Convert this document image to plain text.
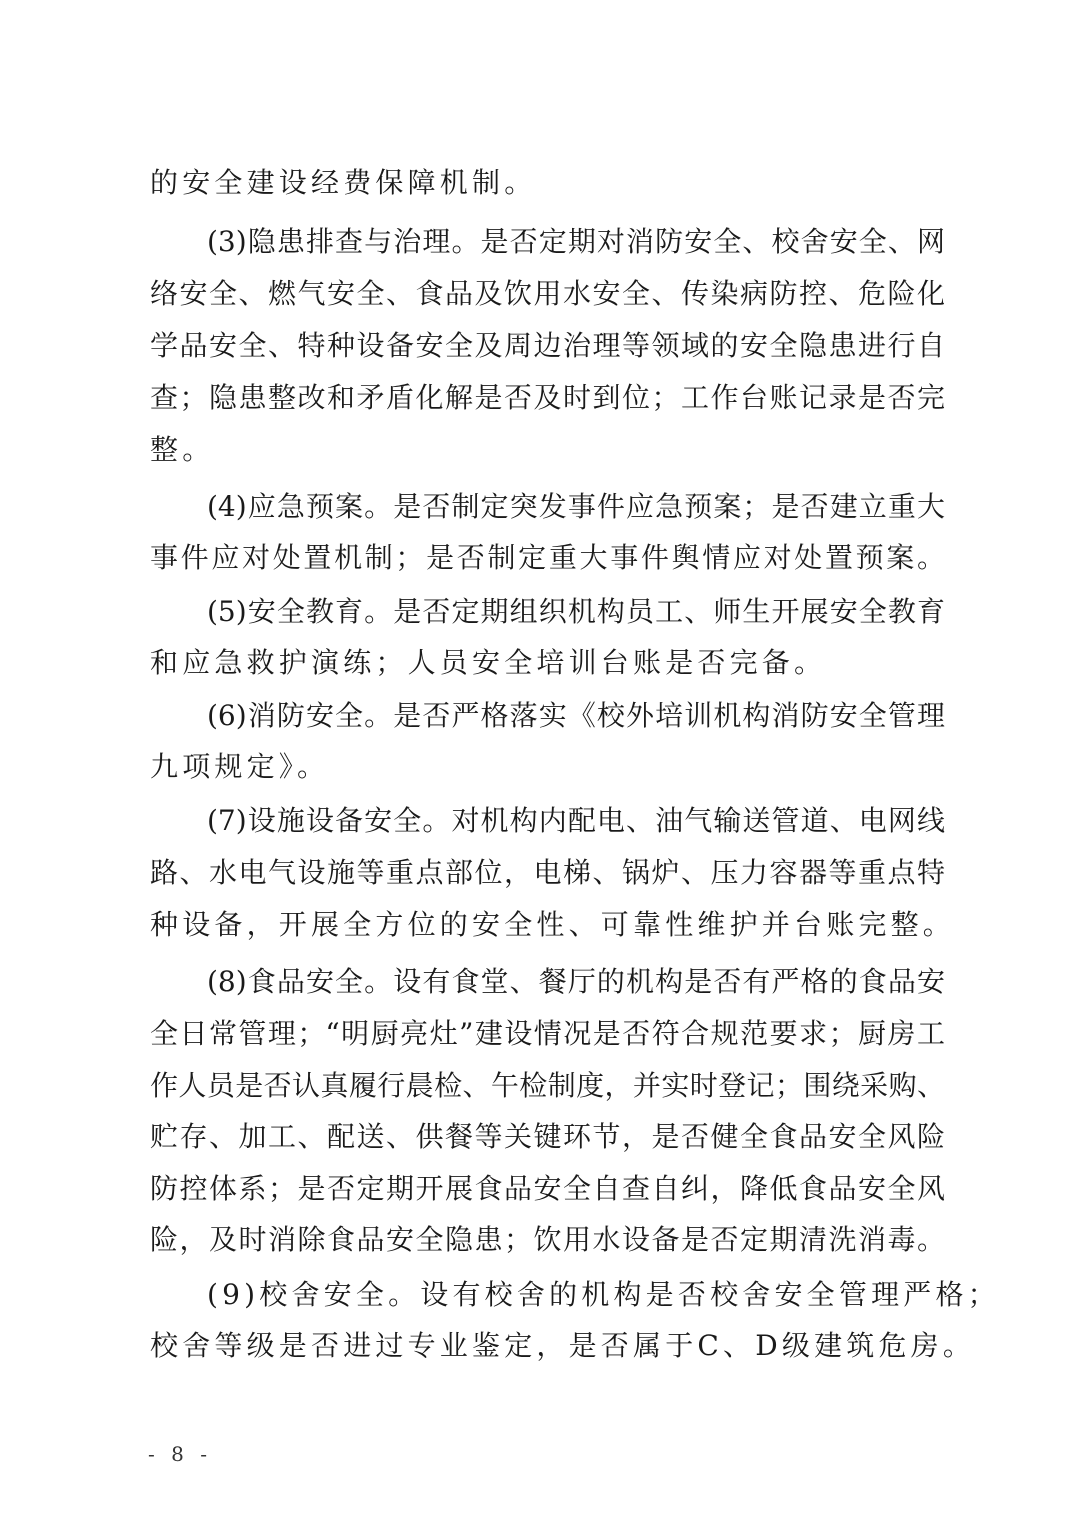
的安全建设经费保障机制。
(3)隐患排查与治理。是否定期对消防安全、校舍安全、网
络安全、燃气安全、食品及饮用水安全、传染病防控、危险化
学品安全、特种设备安全及周边治理等领域的安全隐患进行自
查；隐患整改和矛盾化解是否及时到位；工作台账记录是否完
整。
(4)应急预案。是否制定突发事件应急预案；是否建立重大
事件应对处置机制；是否制定重大事件舆情应对处置预案。
(5)安全教育。是否定期组织机构员工、师生开展安全教育
和应急救护演练；人员安全培训台账是否完备。
(6)消防安全。是否严格落实《校外培训机构消防安全管理
九项规定》。
(7)设施设备安全。对机构内配电、油气输送管道、电网线
路、水电气设施等重点部位，电梯、锅炉、压力容器等重点特
种设备，开展全方位的安全性、可靠性维护并台账完整。
(8)食品安全。设有食堂、餐厅的机构是否有严格的食品安
全日常管理；“明厨亮灶”建设情况是否符合规范要求；厨房工
作人员是否认真履行晨检、午检制度，并实时登记；围绕采购、
贮存、加工、配送、供餐等关键环节，是否健全食品安全风险
防控体系；是否定期开展食品安全自查自纠，降低食品安全风
险，及时消除食品安全隐患；饮用水设备是否定期清洗消毒。
(9)校舍安全。设有校舍的机构是否校舍安全管理严格；
校舍等级是否进过专业鉴定，是否属于C、D级建筑危房。
- 8 -
